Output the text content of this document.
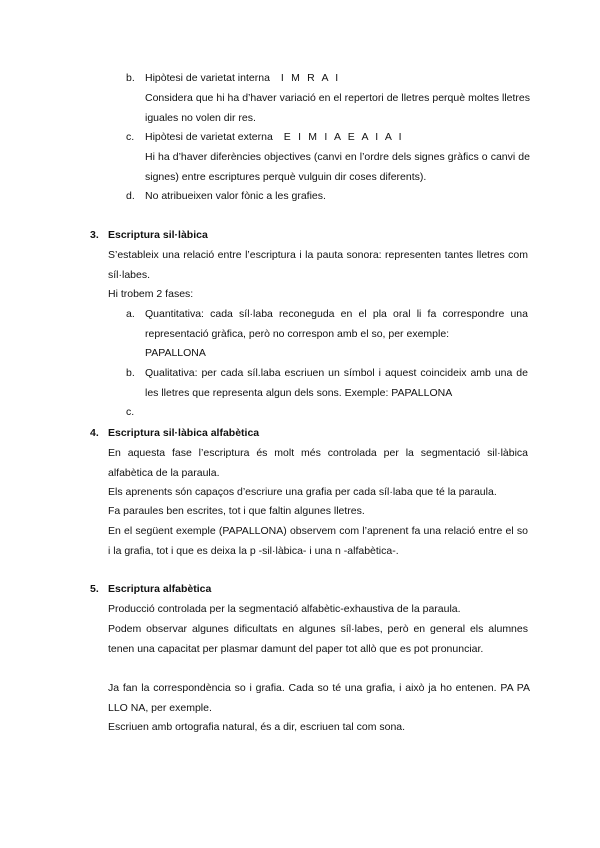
b. Hipòtesi de varietat interna I M R A I
Considera que hi ha d’haver variació en el repertori de lletres perquè moltes lletres iguales no volen dir res.
c. Hipòtesi de varietat externa E I M I A E A I A I
Hi ha d’haver diferències objectives (canvi en l’ordre dels signes gràfics o canvi de signes) entre escriptures perquè vulguin dir coses diferents).
d. No atribueixen valor fònic a les grafies.
3. Escriptura sil·làbica
S’estableix una relació entre l’escriptura i la pauta sonora: representen tantes lletres com síl·labes.
Hi trobem 2 fases:
a. Quantitativa: cada síl·laba reconeguda en el pla oral li fa correspondre una representació gràfica, però no correspon amb el so, per exemple:
PAPALLONA
b. Qualitativa: per cada síl.laba escriuen un símbol i aquest coincideix amb una de les lletres que representa algun dels sons. Exemple: PAPALLONA
c.
4. Escriptura sil·làbica alfabètica
En aquesta fase l’escriptura és molt més controlada per la segmentació sil·làbica alfabètica de la paraula.
Els aprenents són capaços d’escriure una grafia per cada síl·laba que té la paraula.
Fa paraules ben escrites, tot i que faltin algunes lletres.
En el següent exemple (PAPALLONA) observem com l’aprenent fa una relació entre el so i la grafia, tot i que es deixa la p -sil·làbica- i una n -alfabètica-.
5. Escriptura alfabètica
Producció controlada per la segmentació alfabètic-exhaustiva de la paraula.
Podem observar algunes dificultats en algunes síl·labes, però en general els alumnes tenen una capacitat per plasmar damunt del paper tot allò que es pot pronunciar.
Ja fan la correspondència so i grafia. Cada so té una grafia, i això ja ho entenen. PA PA LLO NA, per exemple.
Escriuen amb ortografia natural, és a dir, escriuen tal com sona.
